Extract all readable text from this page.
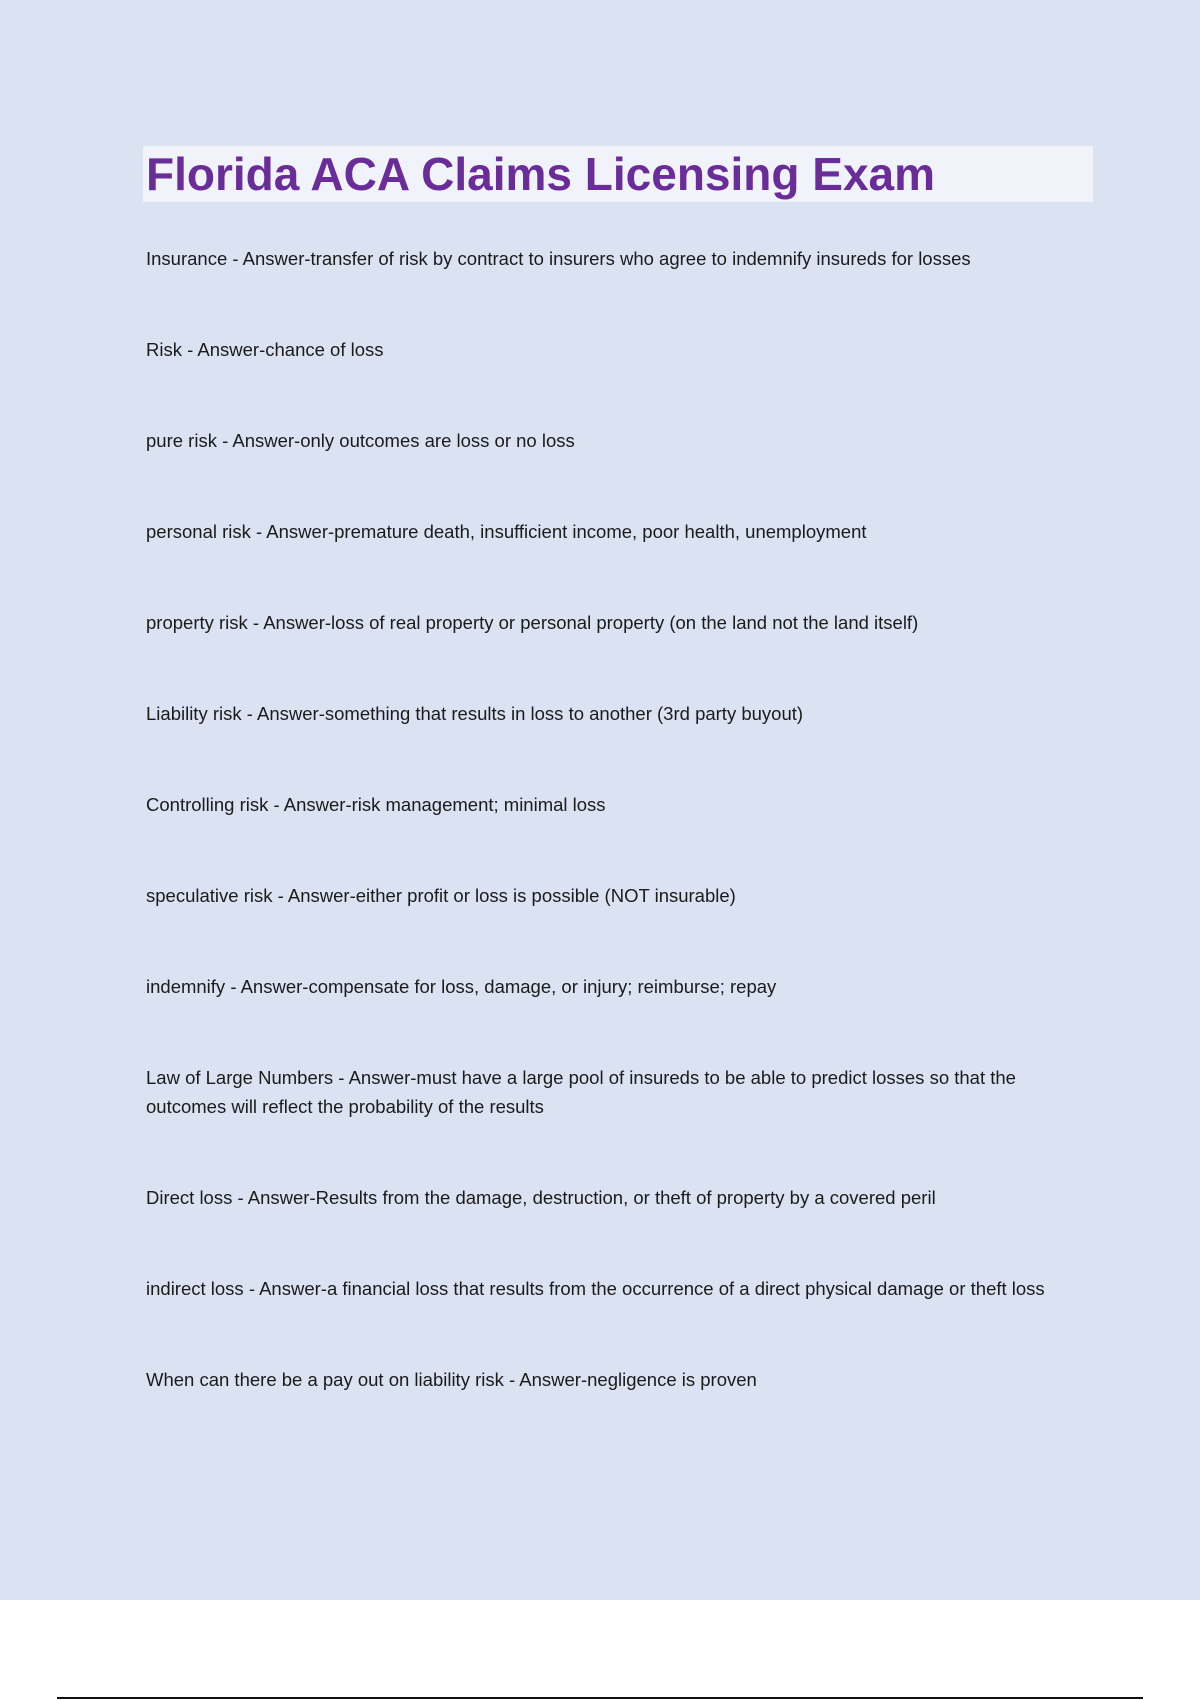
Florida ACA Claims Licensing Exam
Insurance - Answer-transfer of risk by contract to insurers who agree to indemnify insureds for losses
Risk - Answer-chance of loss
pure risk - Answer-only outcomes are loss or no loss
personal risk - Answer-premature death, insufficient income, poor health, unemployment
property risk - Answer-loss of real property or personal property (on the land not the land itself)
Liability risk - Answer-something that results in loss to another (3rd party buyout)
Controlling risk - Answer-risk management; minimal loss
speculative risk - Answer-either profit or loss is possible (NOT insurable)
indemnify - Answer-compensate for loss, damage, or injury; reimburse; repay
Law of Large Numbers - Answer-must have a large pool of insureds to be able to predict losses so that the outcomes will reflect the probability of the results
Direct loss - Answer-Results from the damage, destruction, or theft of property by a covered peril
indirect loss - Answer-a financial loss that results from the occurrence of a direct physical damage or theft loss
When can there be a pay out on liability risk - Answer-negligence is proven
